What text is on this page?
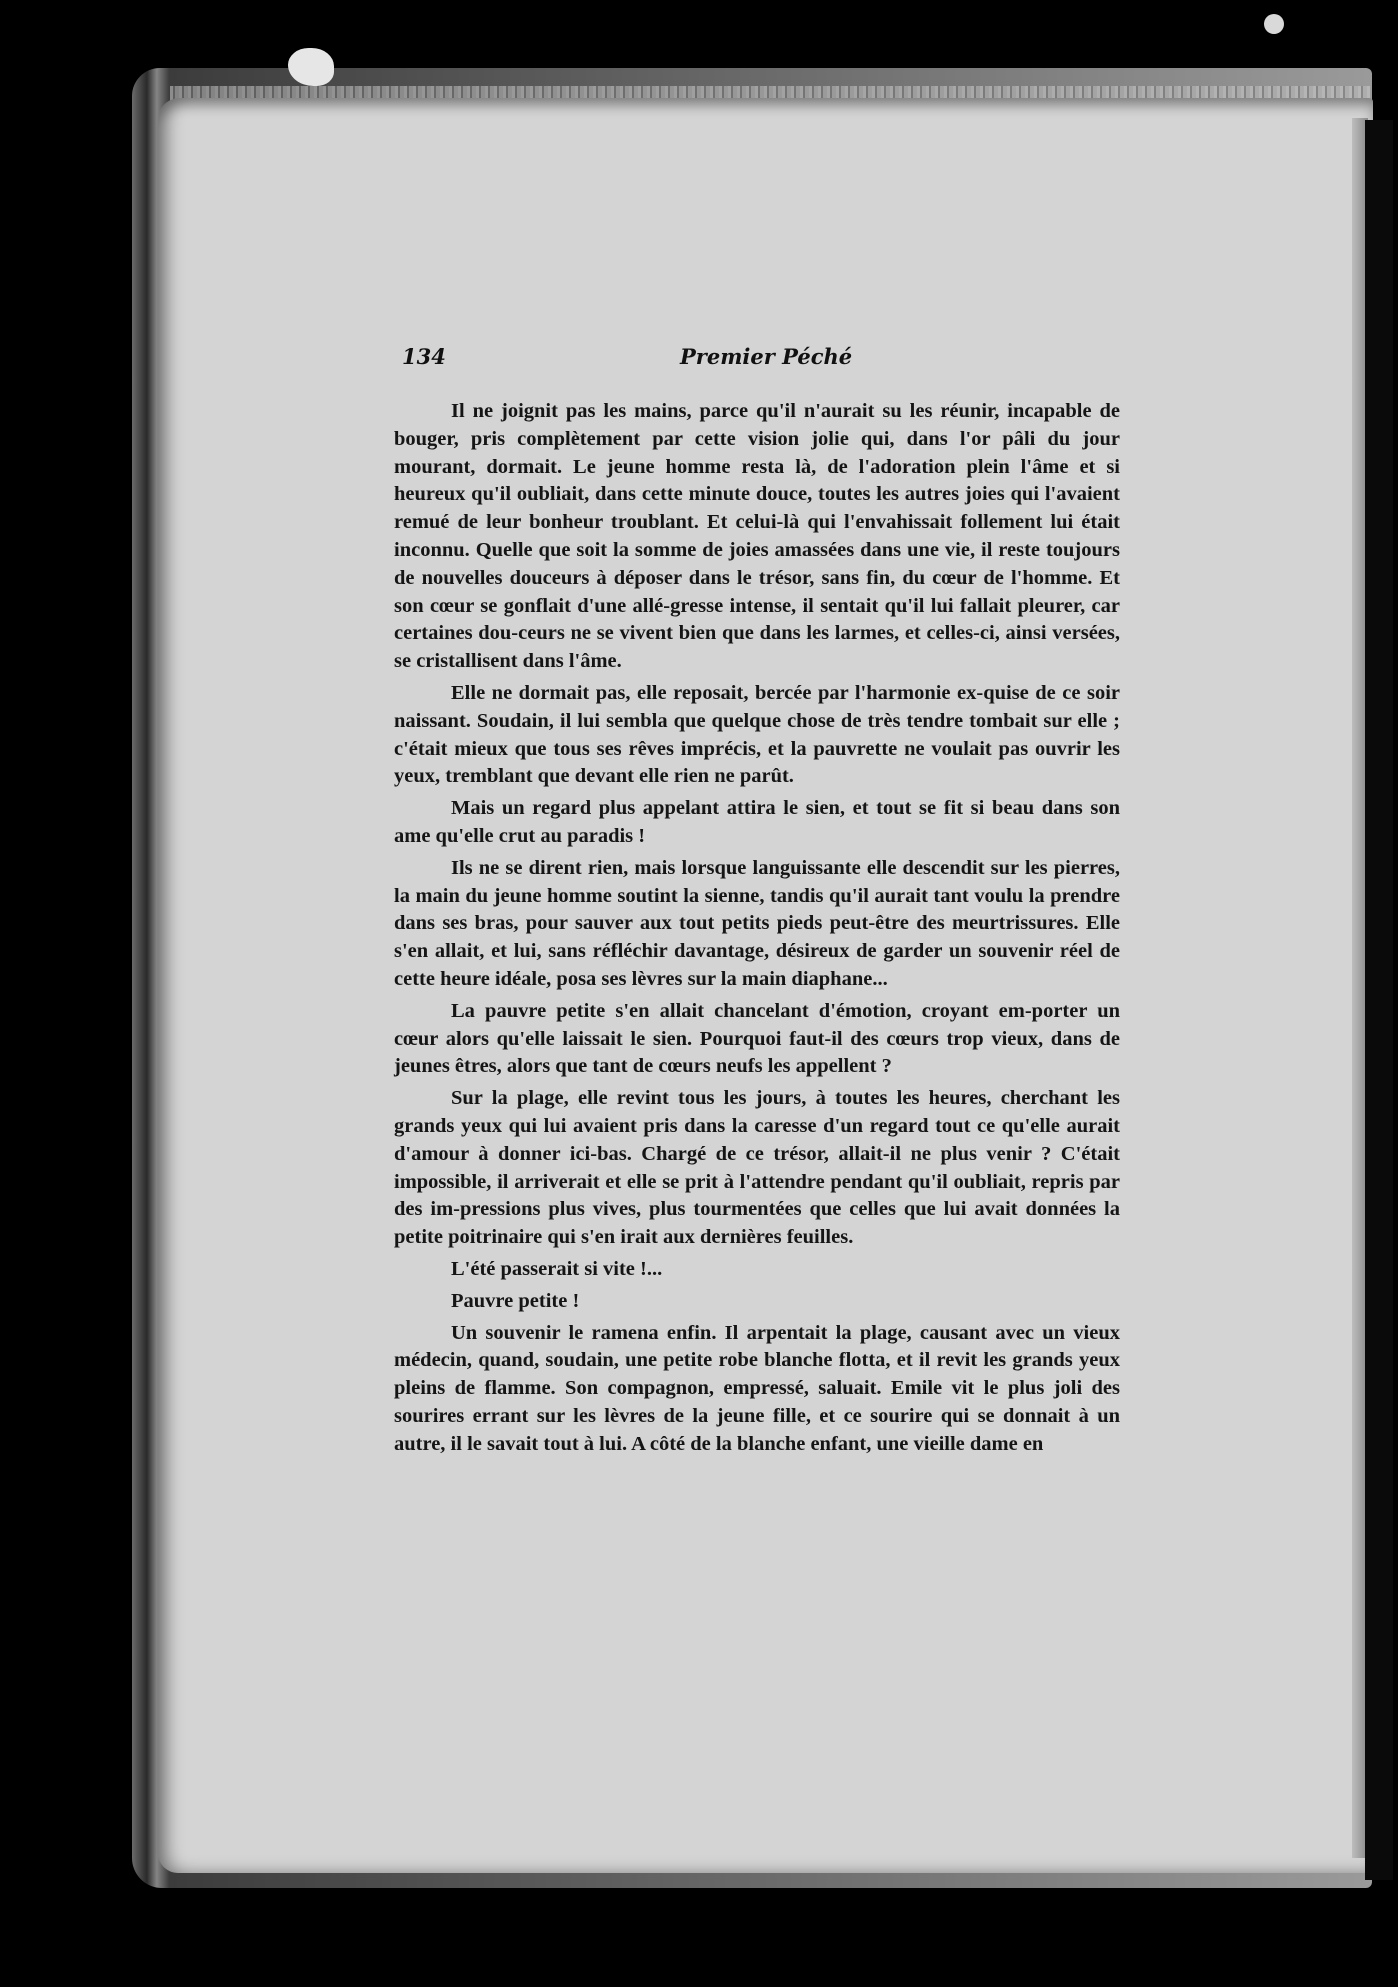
134	Premier Péché

Il ne joignit pas les mains, parce qu'il n'aurait su les réunir, incapable de bouger, pris complètement par cette vision jolie qui, dans l'or pâli du jour mourant, dormait. Le jeune homme resta là, de l'adoration plein l'âme et si heureux qu'il oubliait, dans cette minute douce, toutes les autres joies qui l'avaient remué de leur bonheur troublant. Et celui-là qui l'envahissait follement lui était inconnu. Quelle que soit la somme de joies amassées dans une vie, il reste toujours de nouvelles douceurs à déposer dans le trésor, sans fin, du cœur de l'homme. Et son cœur se gonflait d'une allé-gresse intense, il sentait qu'il lui fallait pleurer, car certaines dou-ceurs ne se vivent bien que dans les larmes, et celles-ci, ainsi versées, se cristallisent dans l'âme.

Elle ne dormait pas, elle reposait, bercée par l'harmonie ex-quise de ce soir naissant. Soudain, il lui sembla que quelque chose de très tendre tombait sur elle ; c'était mieux que tous ses rêves imprécis, et la pauvrette ne voulait pas ouvrir les yeux, tremblant que devant elle rien ne parût.

Mais un regard plus appelant attira le sien, et tout se fit si beau dans son ame qu'elle crut au paradis !

Ils ne se dirent rien, mais lorsque languissante elle descendit sur les pierres, la main du jeune homme soutint la sienne, tandis qu'il aurait tant voulu la prendre dans ses bras, pour sauver aux tout petits pieds peut-être des meurtrissures. Elle s'en allait, et lui, sans réfléchir davantage, désireux de garder un souvenir réel de cette heure idéale, posa ses lèvres sur la main diaphane...

La pauvre petite s'en allait chancelant d'émotion, croyant em-porter un cœur alors qu'elle laissait le sien. Pourquoi faut-il des cœurs trop vieux, dans de jeunes êtres, alors que tant de cœurs neufs les appellent ?

Sur la plage, elle revint tous les jours, à toutes les heures, cherchant les grands yeux qui lui avaient pris dans la caresse d'un regard tout ce qu'elle aurait d'amour à donner ici-bas. Chargé de ce trésor, allait-il ne plus venir ? C'était impossible, il arriverait et elle se prit à l'attendre pendant qu'il oubliait, repris par des im-pressions plus vives, plus tourmentées que celles que lui avait données la petite poitrinaire qui s'en irait aux dernières feuilles.

L'été passerait si vite !...

Pauvre petite !

Un souvenir le ramena enfin. Il arpentait la plage, causant avec un vieux médecin, quand, soudain, une petite robe blanche flotta, et il revit les grands yeux pleins de flamme. Son compagnon, empressé, saluait. Emile vit le plus joli des sourires errant sur les lèvres de la jeune fille, et ce sourire qui se donnait à un autre, il le savait tout à lui. A côté de la blanche enfant, une vieille dame en
